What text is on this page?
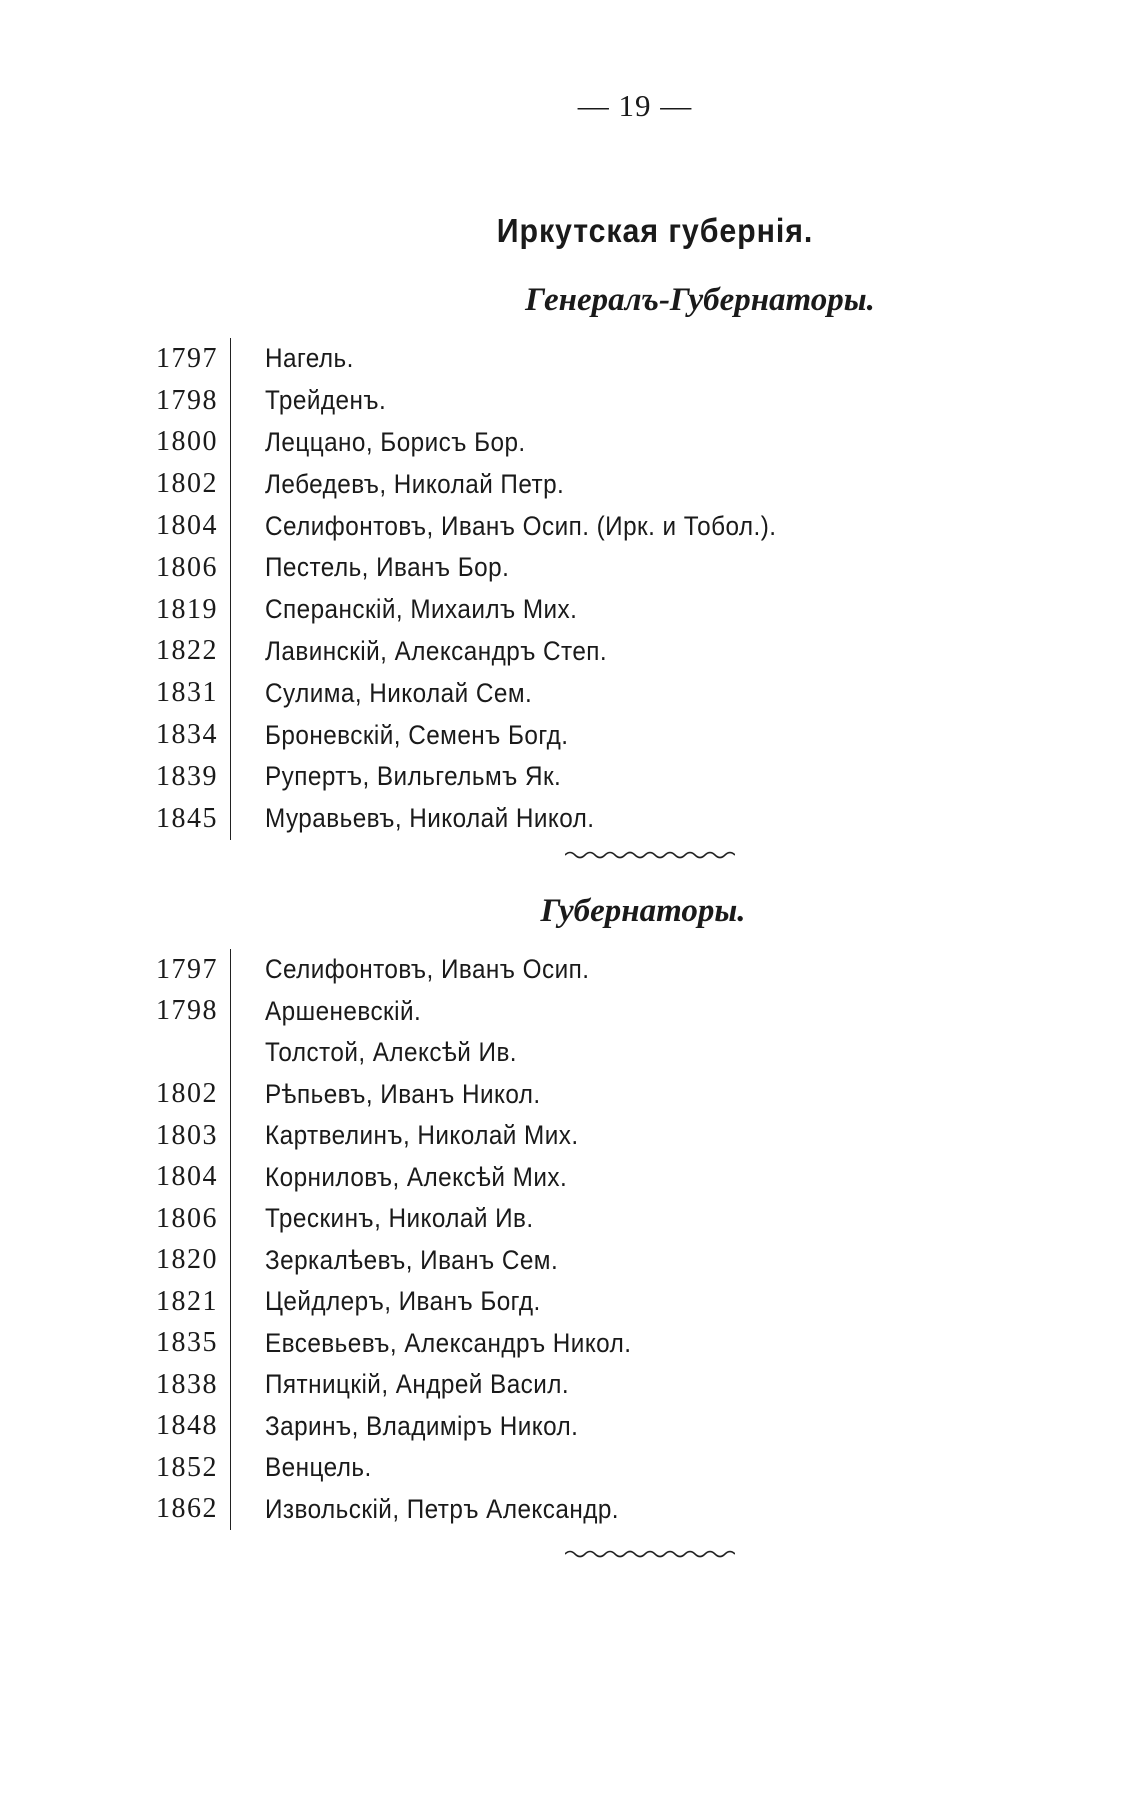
— 19 —
Иркутская губернія.
Генералъ-Губернаторы.
1797 Нагель.
1798 Трейденъ.
1800 Леццано, Борисъ Бор.
1802 Лебедевъ, Николай Петр.
1804 Селифонтовъ, Иванъ Осип. (Ирк. и Тобол.).
1806 Пестель, Иванъ Бор.
1819 Сперанскій, Михаилъ Мих.
1822 Лавинскій, Александръ Степ.
1831 Сулима, Николай Сем.
1834 Броневскій, Семенъ Богд.
1839 Рупертъ, Вильгельмъ Як.
1845 Муравьевъ, Николай Никол.
Губернаторы.
1797 Селифонтовъ, Иванъ Осип.
1798 Аршеневскій.
Толстой, Алексѣй Ив.
1802 Рѣпьевъ, Иванъ Никол.
1803 Картвелинъ, Николай Мих.
1804 Корниловъ, Алексѣй Мих.
1806 Трескинъ, Николай Ив.
1820 Зеркалѣевъ, Иванъ Сем.
1821 Цейдлеръ, Иванъ Богд.
1835 Евсевьевъ, Александръ Никол.
1838 Пятницкій, Андрей Васил.
1848 Заринъ, Владимiръ Никол.
1852 Венцель.
1862 Извольскій, Петръ Александр.
